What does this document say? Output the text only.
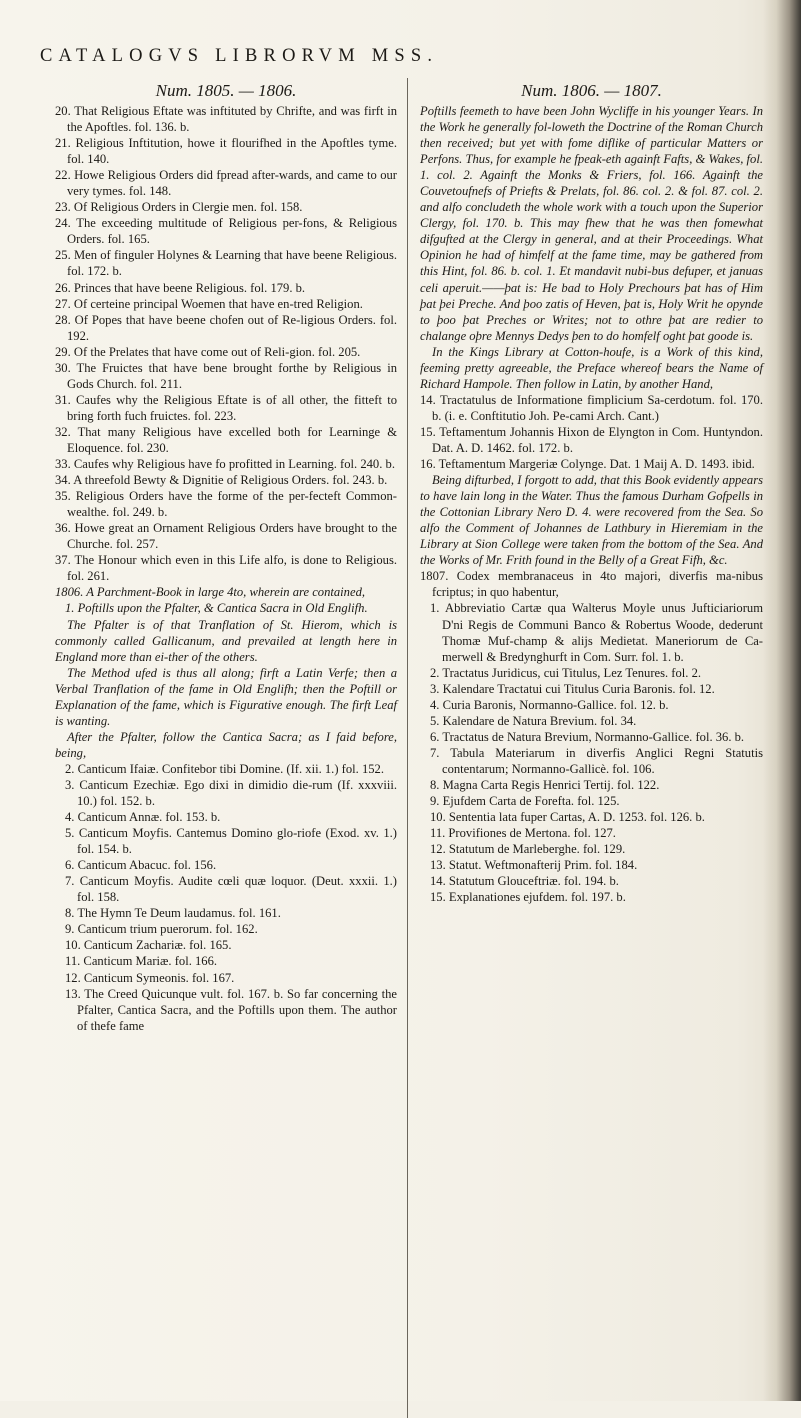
CATALOGVS LIBRORVM MSS.
Num. 1805. — 1806.
20. That Religious Eftate was inftituted by Chrifte, and was firft in the Apoftles. fol. 136. b.
21. Religious Inftitution, howe it flourifhed in the Apoftles tyme. fol. 140.
22. Howe Religious Orders did fpread after-wards, and came to our very tymes. fol. 148.
23. Of Religious Orders in Clergie men. fol. 158.
24. The exceeding multitude of Religious per-fons, & Religious Orders. fol. 165.
25. Men of finguler Holynes & Learning that have beene Religious. fol. 172. b.
26. Princes that have beene Religious. fol. 179. b.
27. Of certeine principal Woemen that have en-tred Religion.
28. Of Popes that have beene chofen out of Re-ligious Orders. fol. 192.
29. Of the Prelates that have come out of Reli-gion. fol. 205.
30. The Fruictes that have bene brought forthe by Religious in Gods Church. fol. 211.
31. Caufes why the Religious Eftate is of all other, the fitteft to bring forth fuch fruictes. fol. 223.
32. That many Religious have excelled both for Learninge & Eloquence. fol. 230.
33. Caufes why Religious have fo profitted in Learning. fol. 240. b.
34. A threefold Bewty & Dignitie of Religious Orders. fol. 243. b.
35. Religious Orders have the forme of the per-fecteft Common-wealthe. fol. 249. b.
36. Howe great an Ornament Religious Orders have brought to the Churche. fol. 257.
37. The Honour which even in this Life alfo, is done to Religious. fol. 261.
1806. A Parchment-Book in large 4to, wherein are contained,
1. Poftills upon the Pfalter, & Cantica Sacra in Old Englifh.
The Pfalter is of that Tranflation of St. Hierom, which is commonly called Gallicanum, and prevailed at length here in England more than ei-ther of the others.
The Method ufed is thus all along; firft a Latin Verfe; then a Verbal Tranflation of the fame in Old Englifh; then the Poftill or Explanation of the fame, which is Figurative enough. The firft Leaf is wanting.
After the Pfalter, follow the Cantica Sacra; as I faid before, being,
2. Canticum Ifaiæ. Confitebor tibi Domine. (If. xii. 1.) fol. 152.
3. Canticum Ezechiæ. Ego dixi in dimidio die-rum (If. xxxviii. 10.) fol. 152. b.
4. Canticum Annæ. fol. 153. b.
5. Canticum Moyfis. Cantemus Domino glo-riofe (Exod. xv. 1.) fol. 154. b.
6. Canticum Abacuc. fol. 156.
7. Canticum Moyfis. Audite cœli quæ loquor. (Deut. xxxii. 1.) fol. 158.
8. The Hymn Te Deum laudamus. fol. 161.
9. Canticum trium puerorum. fol. 162.
10. Canticum Zachariæ. fol. 165.
11. Canticum Mariæ. fol. 166.
12. Canticum Symeonis. fol. 167.
13. The Creed Quicunque vult. fol. 167. b. So far concerning the Pfalter, Cantica Sacra, and the Poftills upon them. The author of thefe fame
Num. 1806. — 1807.
Poftills feemeth to have been John Wycliffe in his younger Years. In the Work he generally fol-loweth the Doctrine of the Roman Church then received; but yet with fome diflike of particular Matters or Perfons. Thus, for example he fpeak-eth againft Fafts, & Wakes, fol. 1. col. 2. Againft the Monks & Friers, fol. 166. Againft the Couvetoufnefs of Priefts & Prelats, fol. 86. col. 2. & fol. 87. col. 2. and alfo concludeth the whole work with a touch upon the Superior Clergy, fol. 170. b. This may fhew that he was then fomewhat difgufted at the Clergy in general, and at their Proceedings. What Opinion he had of himfelf at the fame time, may be gathered from this Hint, fol. 86. b. col. 1. Et mandavit nubi-bus defuper, et januas celi aperuit.——þat is: He bad to Holy Prechours þat has of Him þat þei Preche. And þoo zatis of Heven, þat is, Holy Writ he opynde to þoo þat Preches or Writes; not to othre þat are redier to chalange oþre Mennys Dedys þen to do homfelf oght þat goode is.
In the Kings Library at Cotton-houfe, is a Work of this kind, feeming pretty agreeable, the Preface whereof bears the Name of Richard Hampole. Then follow in Latin, by another Hand,
14. Tractatulus de Informatione fimplicium Sa-cerdotum. fol. 170. b. (i. e. Conftitutio Joh. Pe-cami Arch. Cant.)
15. Teftamentum Johannis Hixon de Elyngton in Com. Huntyndon. Dat. A. D. 1462. fol. 172. b.
16. Teftamentum Margeriæ Colynge. Dat. 1 Maij A. D. 1493. ibid.
Being difturbed, I forgott to add, that this Book evidently appears to have lain long in the Water. Thus the famous Durham Gofpells in the Cottonian Library Nero D. 4. were recovered from the Sea. So alfo the Comment of Johannes de Lathbury in Hieremiam in the Library at Sion College were taken from the bottom of the Sea. And the Works of Mr. Frith found in the Belly of a Great Fifh, &c.
1807. Codex membranaceus in 4to majori, diverfis ma-nibus fcriptus; in quo habentur,
1. Abbreviatio Cartæ qua Walterus Moyle unus Jufticiariorum D'ni Regis de Communi Banco & Robertus Woode, dederunt Thomæ Muf-champ & alijs Medietat. Maneriorum de Ca-merwell & Bredynghurft in Com. Surr. fol. 1. b.
2. Tractatus Juridicus, cui Titulus, Lez Tenures. fol. 2.
3. Kalendare Tractatui cui Titulus Curia Baronis. fol. 12.
4. Curia Baronis, Normanno-Gallice. fol. 12. b.
5. Kalendare de Natura Brevium. fol. 34.
6. Tractatus de Natura Brevium, Normanno-Gallice. fol. 36. b.
7. Tabula Materiarum in diverfis Anglici Regni Statutis contentarum; Normanno-Gallicè. fol. 106.
8. Magna Carta Regis Henrici Tertij. fol. 122.
9. Ejufdem Carta de Forefta. fol. 125.
10. Sententia lata fuper Cartas, A. D. 1253. fol. 126. b.
11. Provifiones de Mertona. fol. 127.
12. Statutum de Marleberghe. fol. 129.
13. Statut. Weftmonafterij Prim. fol. 184.
14. Statutum Glouceftriæ. fol. 194. b.
15. Explanationes ejufdem. fol. 197. b.
